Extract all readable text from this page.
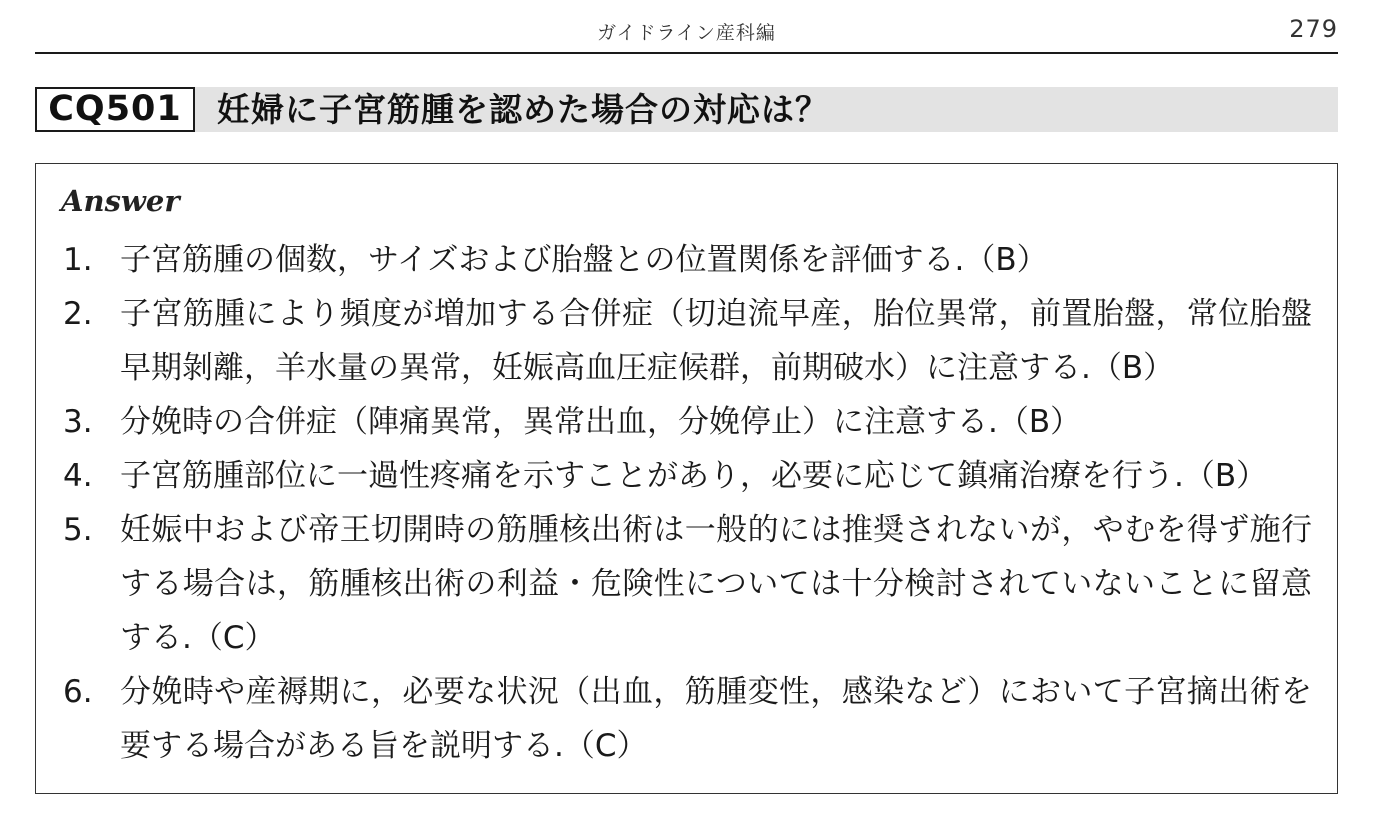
ガイドライン産科編	279
CQ501	妊婦に子宮筋腫を認めた場合の対応は？
Answer
1. 子宮筋腫の個数，サイズおよび胎盤との位置関係を評価する.（B）
2. 子宮筋腫により頻度が増加する合併症（切迫流早産，胎位異常，前置胎盤，常位胎盤早期剝離，羊水量の異常，妊娠高血圧症候群，前期破水）に注意する.（B）
3. 分娩時の合併症（陣痛異常，異常出血，分娩停止）に注意する.（B）
4. 子宮筋腫部位に一過性疼痛を示すことがあり，必要に応じて鎮痛治療を行う.（B）
5. 妊娠中および帝王切開時の筋腫核出術は一般的には推奨されないが，やむを得ず施行する場合は，筋腫核出術の利益・危険性については十分検討されていないことに留意する.（C）
6. 分娩時や産褥期に，必要な状況（出血，筋腫変性，感染など）において子宮摘出術を要する場合がある旨を説明する.（C）
